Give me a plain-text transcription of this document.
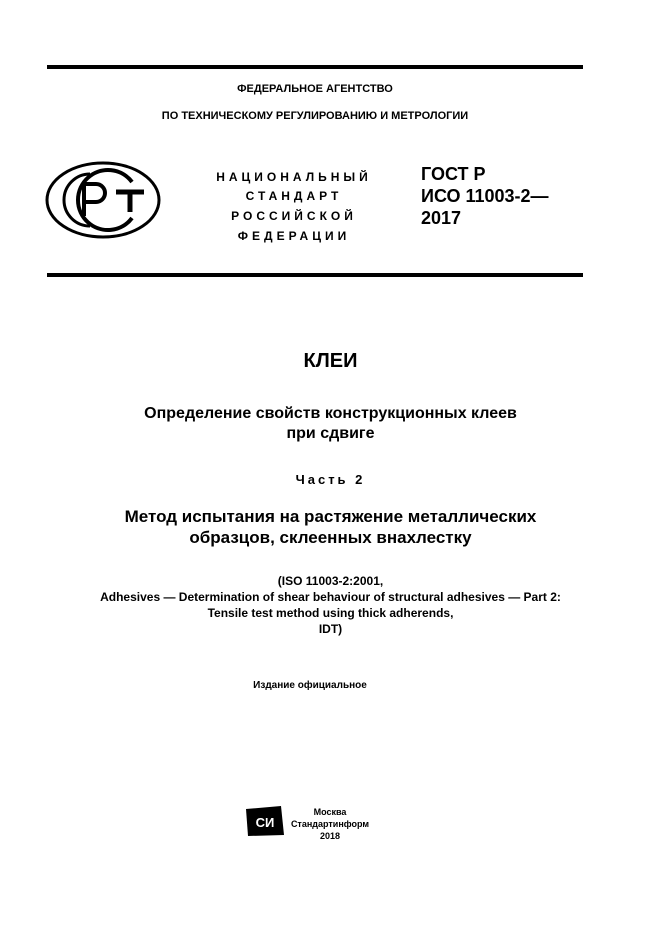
ФЕДЕРАЛЬНОЕ АГЕНТСТВО
ПО ТЕХНИЧЕСКОМУ РЕГУЛИРОВАНИЮ И МЕТРОЛОГИИ
НАЦИОНАЛЬНЫЙ
СТАНДАРТ
РОССИЙСКОЙ
ФЕДЕРАЦИИ
ГОСТ Р
ИСО 11003-2—
2017
КЛЕИ
Определение свойств конструкционных клеев
при сдвиге
Часть 2
Метод испытания на растяжение металлических
образцов, склеенных внахлестку
(ISO 11003-2:2001,
Adhesives — Determination of shear behaviour of structural adhesives — Part 2:
Tensile test method using thick adherends,
IDT)
Издание официальное
СИ
Москва
Стандартинформ
2018
